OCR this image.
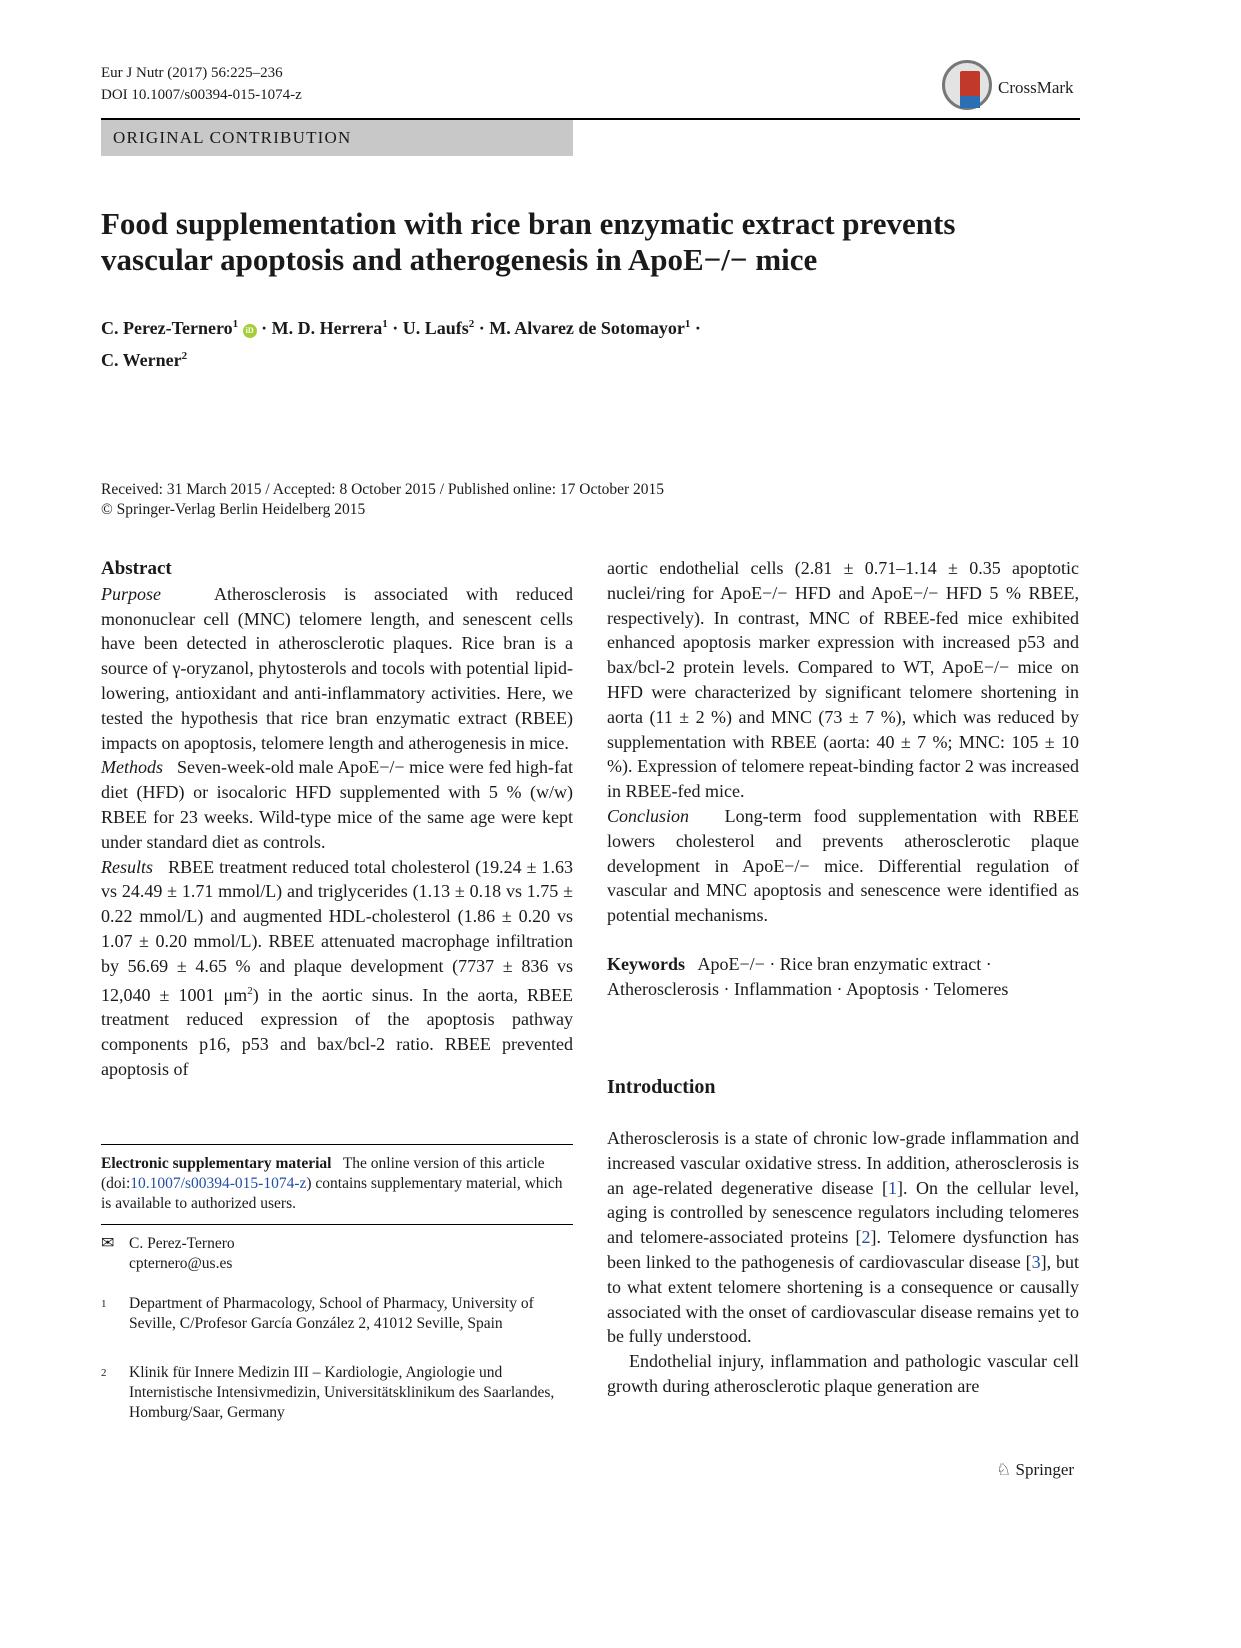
Eur J Nutr (2017) 56:225–236
DOI 10.1007/s00394-015-1074-z	CrossMark
ORIGINAL CONTRIBUTION
Food supplementation with rice bran enzymatic extract prevents vascular apoptosis and atherogenesis in ApoE−/− mice
C. Perez-Ternero$^1$ iD · M. D. Herrera$^1$ · U. Laufs$^2$ · M. Alvarez de Sotomayor$^1$ ·
C. Werner$^2$
Received: 31 March 2015 / Accepted: 8 October 2015 / Published online: 17 October 2015
© Springer-Verlag Berlin Heidelberg 2015

Abstract

Purpose	Atherosclerosis is associated with reduced mononuclear cell (MNC) telomere length, and senescent cells have been detected in atherosclerotic plaques. Rice bran is a source of γ-oryzanol, phytosterols and tocols with potential lipid-lowering, antioxidant and anti-inflammatory activities. Here, we tested the hypothesis that rice bran enzymatic extract (RBEE) impacts on apoptosis, telomere length and atherogenesis in mice.

Methods Seven-week-old male ApoE−/− mice were fed high-fat diet (HFD) or isocaloric HFD supplemented with 5 % (w/w) RBEE for 23 weeks. Wild-type mice of the same age were kept under standard diet as controls.

Results RBEE treatment reduced total cholesterol (19.24 ± 1.63 vs 24.49 ± 1.71 mmol/L) and triglycerides (1.13 ± 0.18 vs 1.75 ± 0.22 mmol/L) and augmented HDL-cholesterol (1.86 ± 0.20 vs 1.07 ± 0.20 mmol/L). RBEE attenuated macrophage infiltration by 56.69 ± 4.65 % and plaque development (7737 ± 836 vs 12,040 ± 1001 $\mu m^2$) in the aortic sinus. In the aorta, RBEE treatment reduced expression of the apoptosis pathway components p16, p53 and bax/bcl-2 ratio. RBEE prevented apoptosis of

Electronic supplementary material The online version of this article (doi:10.1007/s00394-015-1074-z) contains supplementary material, which is available to authorized users.
✉ C. Perez-Ternero
cpternero@us.es
1 Department of Pharmacology, School of Pharmacy, University of Seville, C/Profesor García González 2, 41012 Seville, Spain
2 Klinik für Innere Medizin III – Kardiologie, Angiologie und Internistische Intensivmedizin, Universitätsklinikum des Saarlandes, Homburg/Saar, Germany

aortic endothelial cells (2.81 ± 0.71–1.14 ± 0.35 apoptotic nuclei/ring for ApoE−/− HFD and ApoE−/− HFD 5 % RBEE, respectively). In contrast, MNC of RBEE-fed mice exhibited enhanced apoptosis marker expression with increased p53 and bax/bcl-2 protein levels. Compared to WT, ApoE−/− mice on HFD were characterized by significant telomere shortening in aorta (11 ± 2 %) and MNC (73 ± 7 %), which was reduced by supplementation with RBEE (aorta: 40 ± 7 %; MNC: 105 ± 10 %). Expression of telomere repeat-binding factor 2 was increased in RBEE-fed mice.

Conclusion Long-term food supplementation with RBEE lowers cholesterol and prevents atherosclerotic plaque development in ApoE−/− mice. Differential regulation of vascular and MNC apoptosis and senescence were identified as potential mechanisms.

Keywords ApoE−/− · Rice bran enzymatic extract · Atherosclerosis · Inflammation · Apoptosis · Telomeres

Introduction

Atherosclerosis is a state of chronic low-grade inflammation and increased vascular oxidative stress. In addition, atherosclerosis is an age-related degenerative disease [1]. On the cellular level, aging is controlled by senescence regulators including telomeres and telomere-associated proteins [2]. Telomere dysfunction has been linked to the pathogenesis of cardiovascular disease [3], but to what extent telomere shortening is a consequence or causally associated with the onset of cardiovascular disease remains yet to be fully understood.

Endothelial injury, inflammation and pathologic vascular cell growth during atherosclerotic plaque generation are

♘ Springer
